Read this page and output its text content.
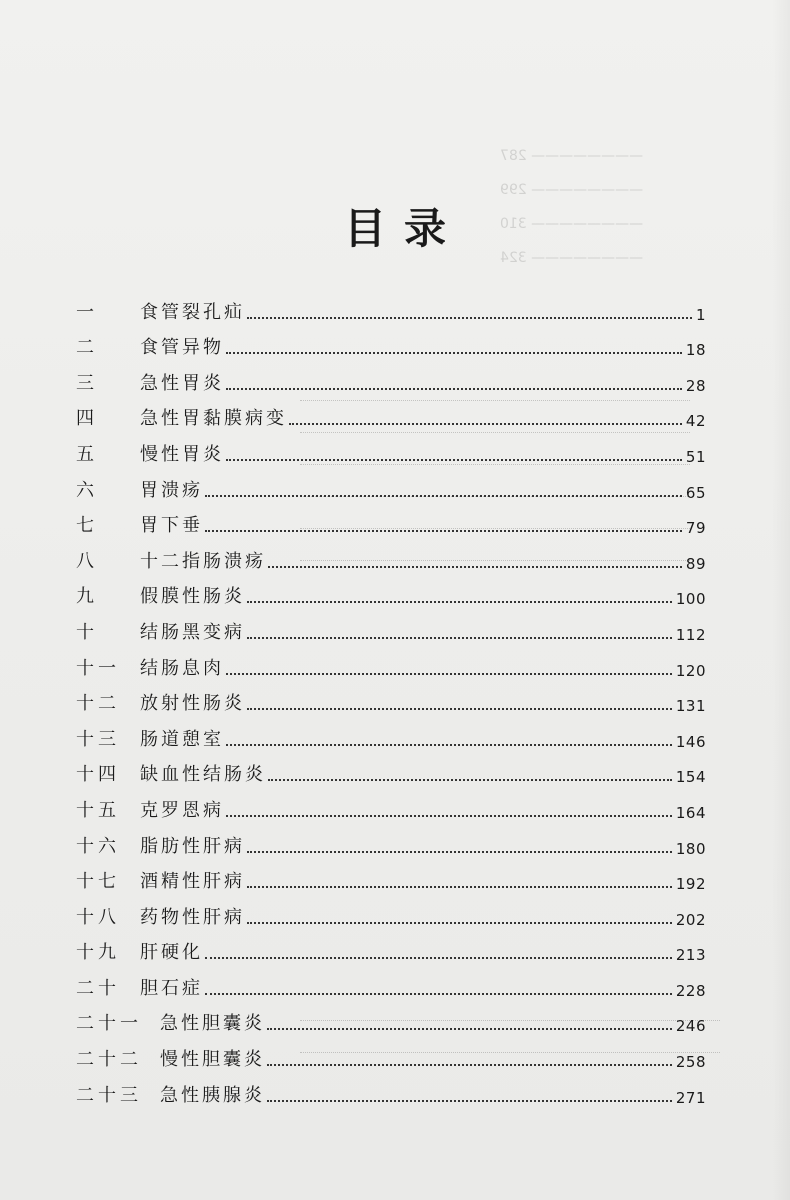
———————— 287
———————— 299
———————— 310
———————— 324
目录
一	食管裂孔疝	1
二	食管异物	18
三	急性胃炎	28
四	急性胃黏膜病变	42
五	慢性胃炎	51
六	胃溃疡	65
七	胃下垂	79
八	十二指肠溃疡	89
九	假膜性肠炎	100
十	结肠黑变病	112
十一	结肠息肉	120
十二	放射性肠炎	131
十三	肠道憩室	146
十四	缺血性结肠炎	154
十五	克罗恩病	164
十六	脂肪性肝病	180
十七	酒精性肝病	192
十八	药物性肝病	202
十九	肝硬化	213
二十	胆石症	228
二十一	急性胆囊炎	246
二十二	慢性胆囊炎	258
二十三	急性胰腺炎	271
